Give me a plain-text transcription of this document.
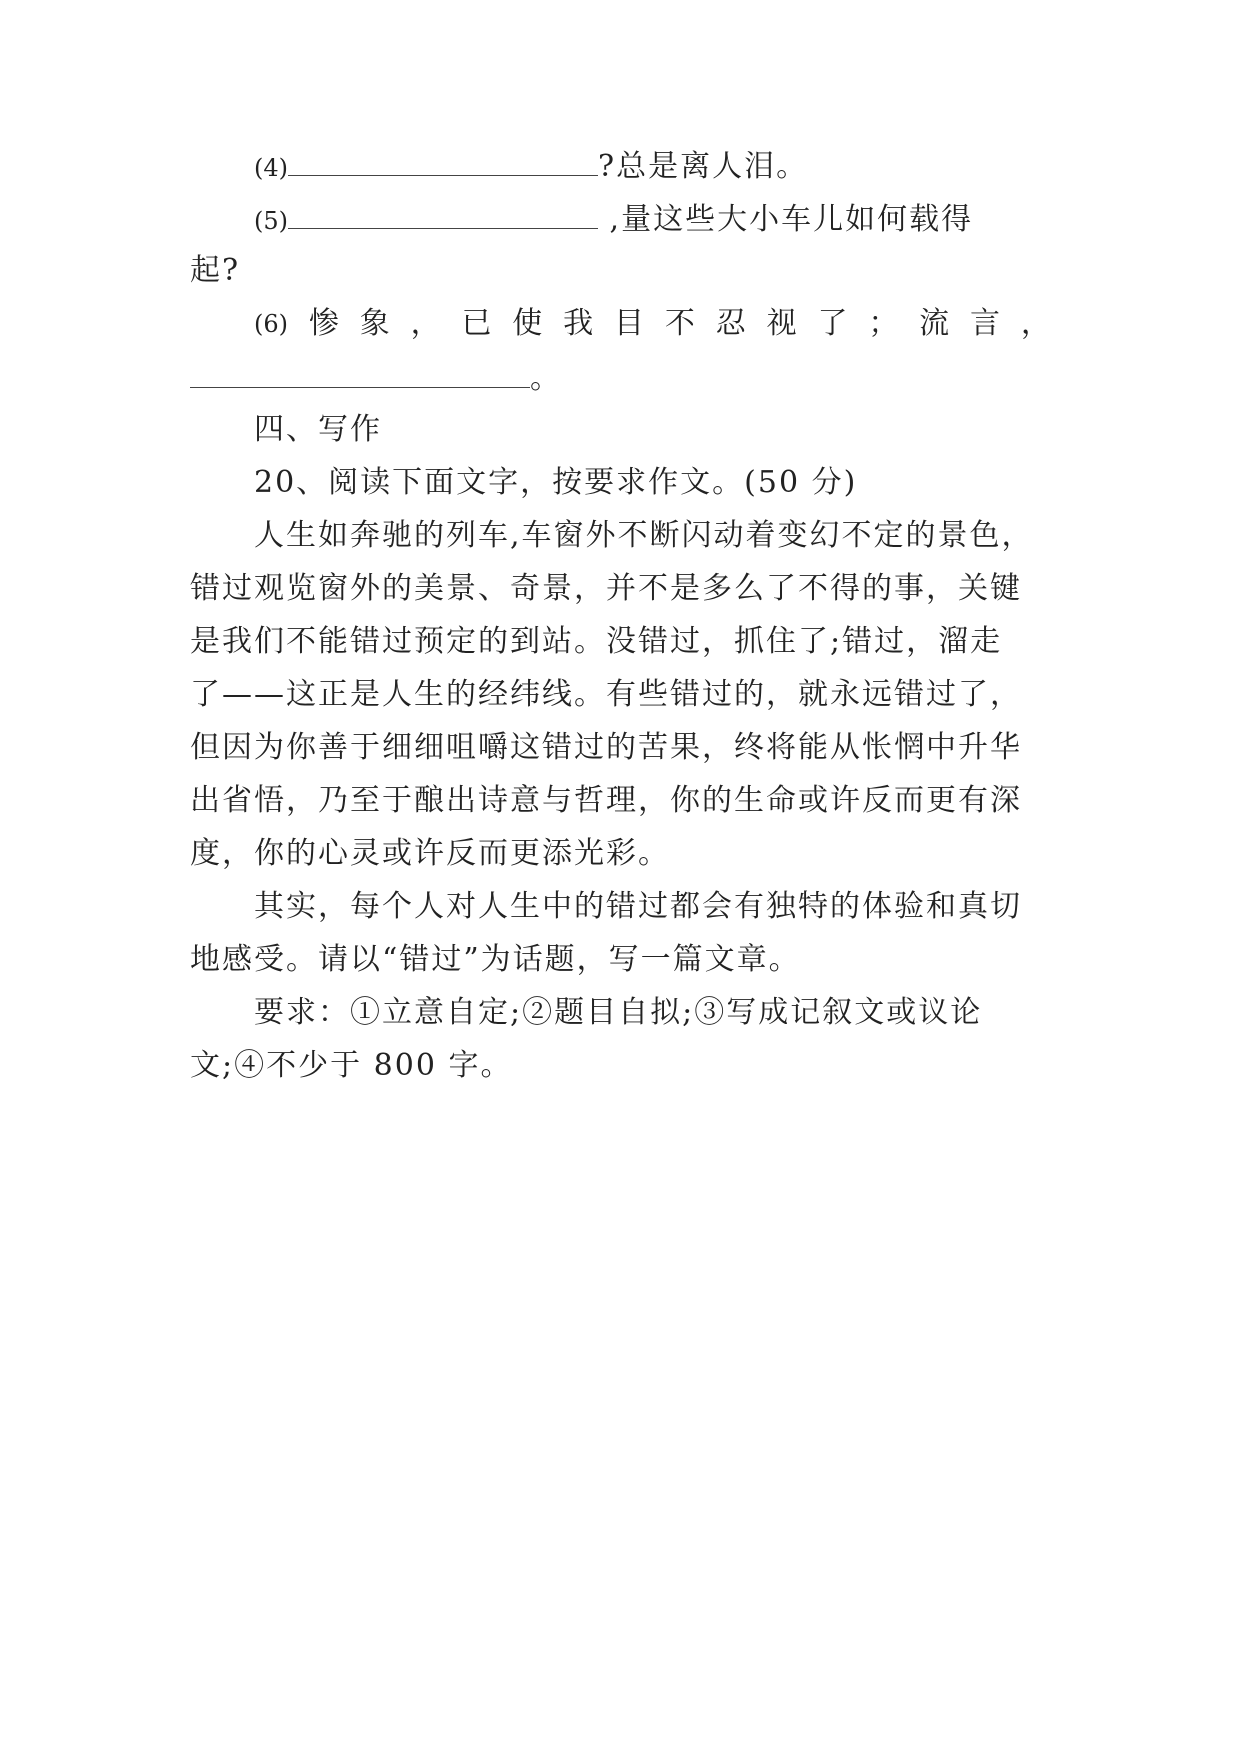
(4)	?总是离人泪。
(5)	,量这些大小车儿如何载得
起?
(6) 惨 象 ， 已 使 我 目 不 忍 视 了 ； 流 言 ，
。
四、写作
20、阅读下面文字，按要求作文。(50 分)
人生如奔驰的列车,车窗外不断闪动着变幻不定的景色，
错过观览窗外的美景、奇景，并不是多么了不得的事，关键
是我们不能错过预定的到站。没错过，抓住了;错过，溜走
了——这正是人生的经纬线。有些错过的，就永远错过了，
但因为你善于细细咀嚼这错过的苦果，终将能从怅惘中升华
出省悟，乃至于酿出诗意与哲理，你的生命或许反而更有深
度，你的心灵或许反而更添光彩。
其实，每个人对人生中的错过都会有独特的体验和真切
地感受。请以“错过”为话题，写一篇文章。
要求：①立意自定;②题目自拟;③写成记叙文或议论
文;④不少于 800 字。
